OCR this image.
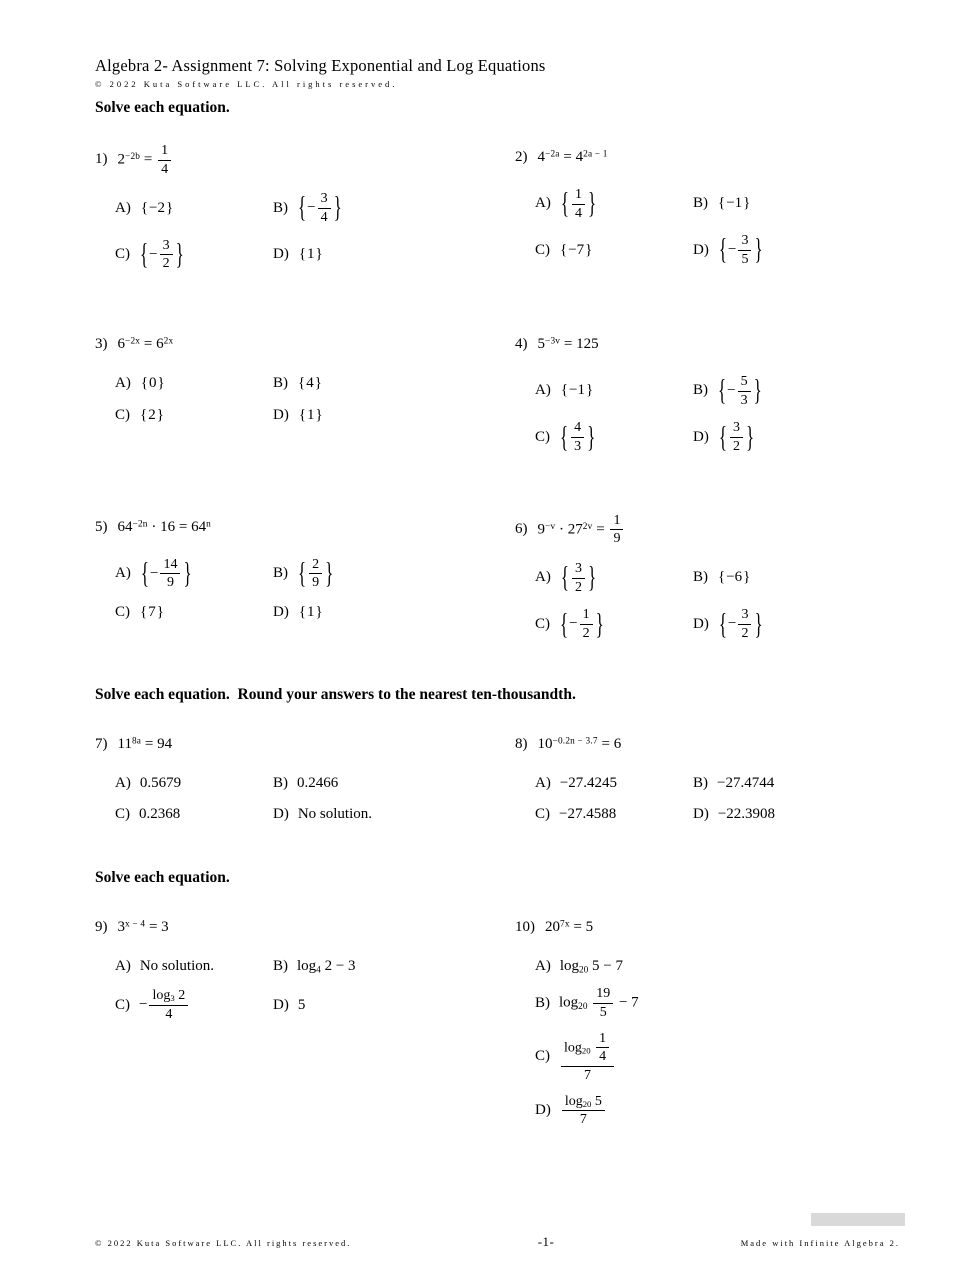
Algebra 2- Assignment 7: Solving Exponential and Log Equations
© 2022 Kuta Software LLC. All rights reserved.
Solve each equation.
1) $2^{-2b} = \frac{1}{4}$
A) {−2}	B) {− $\frac{3}{4}$ }
C) {− $\frac{3}{2}$ }	D) {1}
2) $4^{-2a} = 4^{2a - 1}$
A) { $\frac{1}{4}$ }	B) {−1}
C) {−7}	D) {− $\frac{3}{5}$ }
3) $6^{-2x} = 6^{2x}$
A) {0}	B) {4}
C) {2}	D) {1}
4) $5^{-3v} = 125$
A) {−1}	B) {− $\frac{5}{3}$ }
C) { $\frac{4}{3}$ }	D) { $\frac{3}{2}$ }
5) $64^{-2n} \cdot 16 = 64^n$
A) {− $\frac{14}{9}$ }	B) { $\frac{2}{9}$ }
C) {7}	D) {1}
6) $9^{-v} \cdot 27^{2v} = \frac{1}{9}$
A) { $\frac{3}{2}$ }	B) {−6}
C) {− $\frac{1}{2}$ }	D) {− $\frac{3}{2}$ }
Solve each equation.  Round your answers to the nearest ten-thousandth.
7) $11^{8a} = 94$
A) 0.5679	B) 0.2466
C) 0.2368	D) No solution.
8) $10^{-0.2n - 3.7} = 6$
A) −27.4245	B) −27.4744
C) −27.4588	D) −22.3908
Solve each equation.
9) $3^{x - 4} = 3$
A) No solution.	B) $\log_4 2 - 3$
$C) - \frac{\log_3 2}{4}$	D) 5
10) $20^{7x} = 5$
A) $\log_{20} 5 - 7$
B) $\log_{20} \frac{19}{5} - 7$
$C) \frac{\log_{20} \frac{1}{4}}{7}$
$D) \frac{\log_{20} 5}{7}$
© 2022 Kuta Software LLC. All rights reserved.	-1-	Made with Infinite Algebra 2.
